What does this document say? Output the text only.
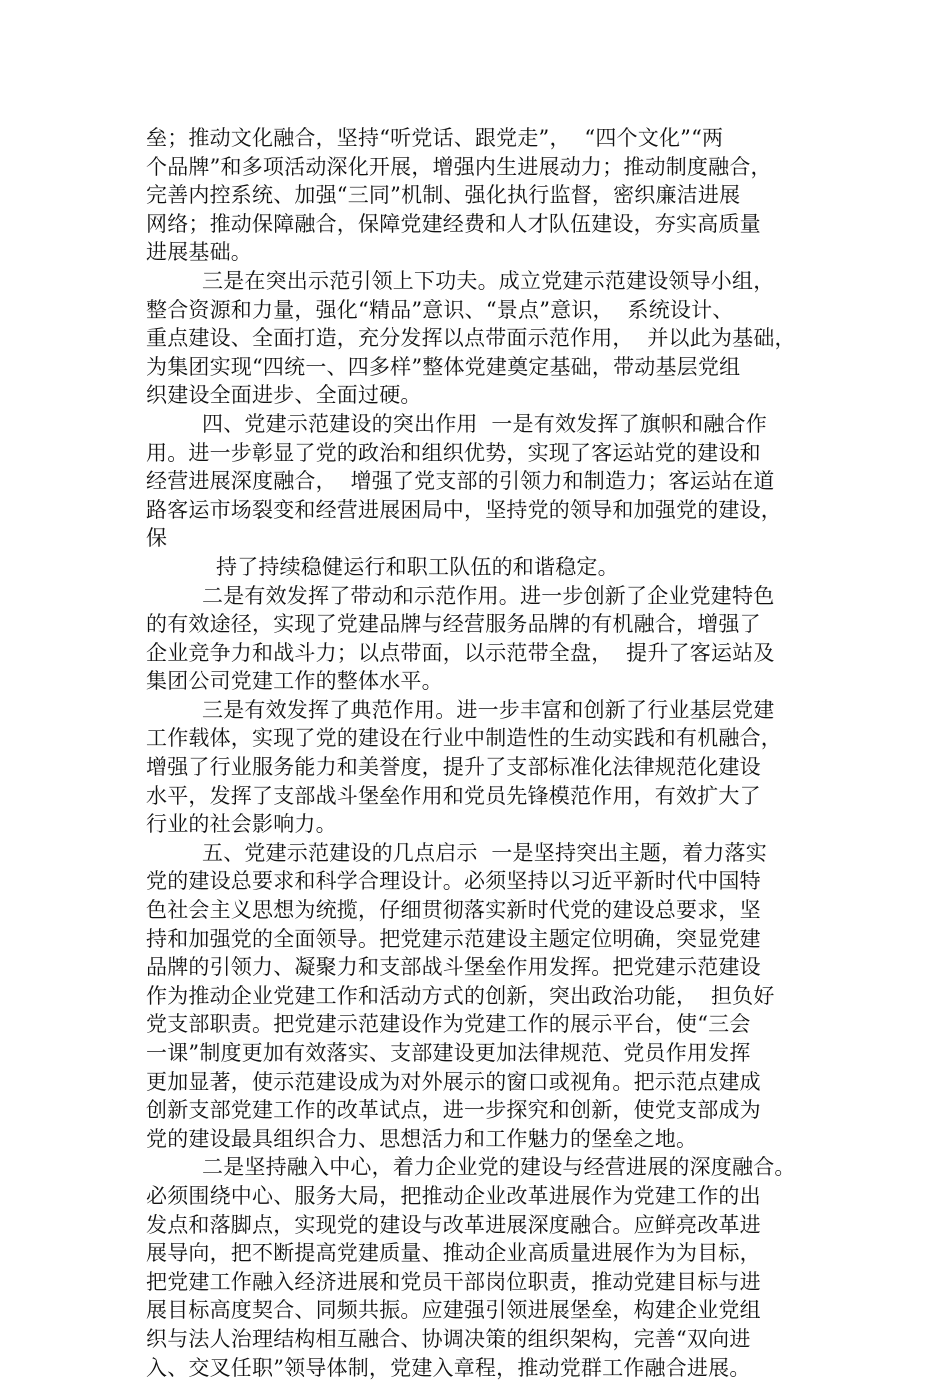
垒；推动文化融合，坚持“听党话、跟党走”，  “四个文化”“两
个品牌”和多项活动深化开展，增强内生进展动力；推动制度融合，
完善内控系统、加强“三同”机制、强化执行监督，密织廉洁进展
网络；推动保障融合，保障党建经费和人才队伍建设，夯实高质量
进展基础。
三是在突出示范引领上下功夫。成立党建示范建设领导小组，
整合资源和力量，强化“精品”意识、“景点”意识，  系统设计、
重点建设、全面打造，充分发挥以点带面示范作用，  并以此为基础，
为集团实现“四统一、四多样”整体党建奠定基础，带动基层党组
织建设全面进步、全面过硬。
四、党建示范建设的突出作用  一是有效发挥了旗帜和融合作
用。进一步彰显了党的政治和组织优势，实现了客运站党的建设和
经营进展深度融合，  增强了党支部的引领力和制造力；客运站在道
路客运市场裂变和经营进展困局中，坚持党的领导和加强党的建设，
保
持了持续稳健运行和职工队伍的和谐稳定。
二是有效发挥了带动和示范作用。进一步创新了企业党建特色
的有效途径，实现了党建品牌与经营服务品牌的有机融合，增强了
企业竞争力和战斗力；以点带面，以示范带全盘，  提升了客运站及
集团公司党建工作的整体水平。
三是有效发挥了典范作用。进一步丰富和创新了行业基层党建
工作载体，实现了党的建设在行业中制造性的生动实践和有机融合，
增强了行业服务能力和美誉度，提升了支部标准化法律规范化建设
水平，发挥了支部战斗堡垒作用和党员先锋模范作用，有效扩大了
行业的社会影响力。
五、党建示范建设的几点启示  一是坚持突出主题，着力落实
党的建设总要求和科学合理设计。必须坚持以习近平新时代中国特
色社会主义思想为统揽，仔细贯彻落实新时代党的建设总要求，坚
持和加强党的全面领导。把党建示范建设主题定位明确，突显党建
品牌的引领力、凝聚力和支部战斗堡垒作用发挥。把党建示范建设
作为推动企业党建工作和活动方式的创新，突出政治功能，  担负好
党支部职责。把党建示范建设作为党建工作的展示平台，使“三会
一课”制度更加有效落实、支部建设更加法律规范、党员作用发挥
更加显著，使示范建设成为对外展示的窗口或视角。把示范点建成
创新支部党建工作的改革试点，进一步探究和创新，使党支部成为
党的建设最具组织合力、思想活力和工作魅力的堡垒之地。
二是坚持融入中心，着力企业党的建设与经营进展的深度融合。
必须围绕中心、服务大局，把推动企业改革进展作为党建工作的出
发点和落脚点，实现党的建设与改革进展深度融合。应鲜亮改革进
展导向，把不断提高党建质量、推动企业高质量进展作为为目标，
把党建工作融入经济进展和党员干部岗位职责，推动党建目标与进
展目标高度契合、同频共振。应建强引领进展堡垒，构建企业党组
织与法人治理结构相互融合、协调决策的组织架构，完善“双向进
入、交叉任职”领导体制，党建入章程，推动党群工作融合进展。
